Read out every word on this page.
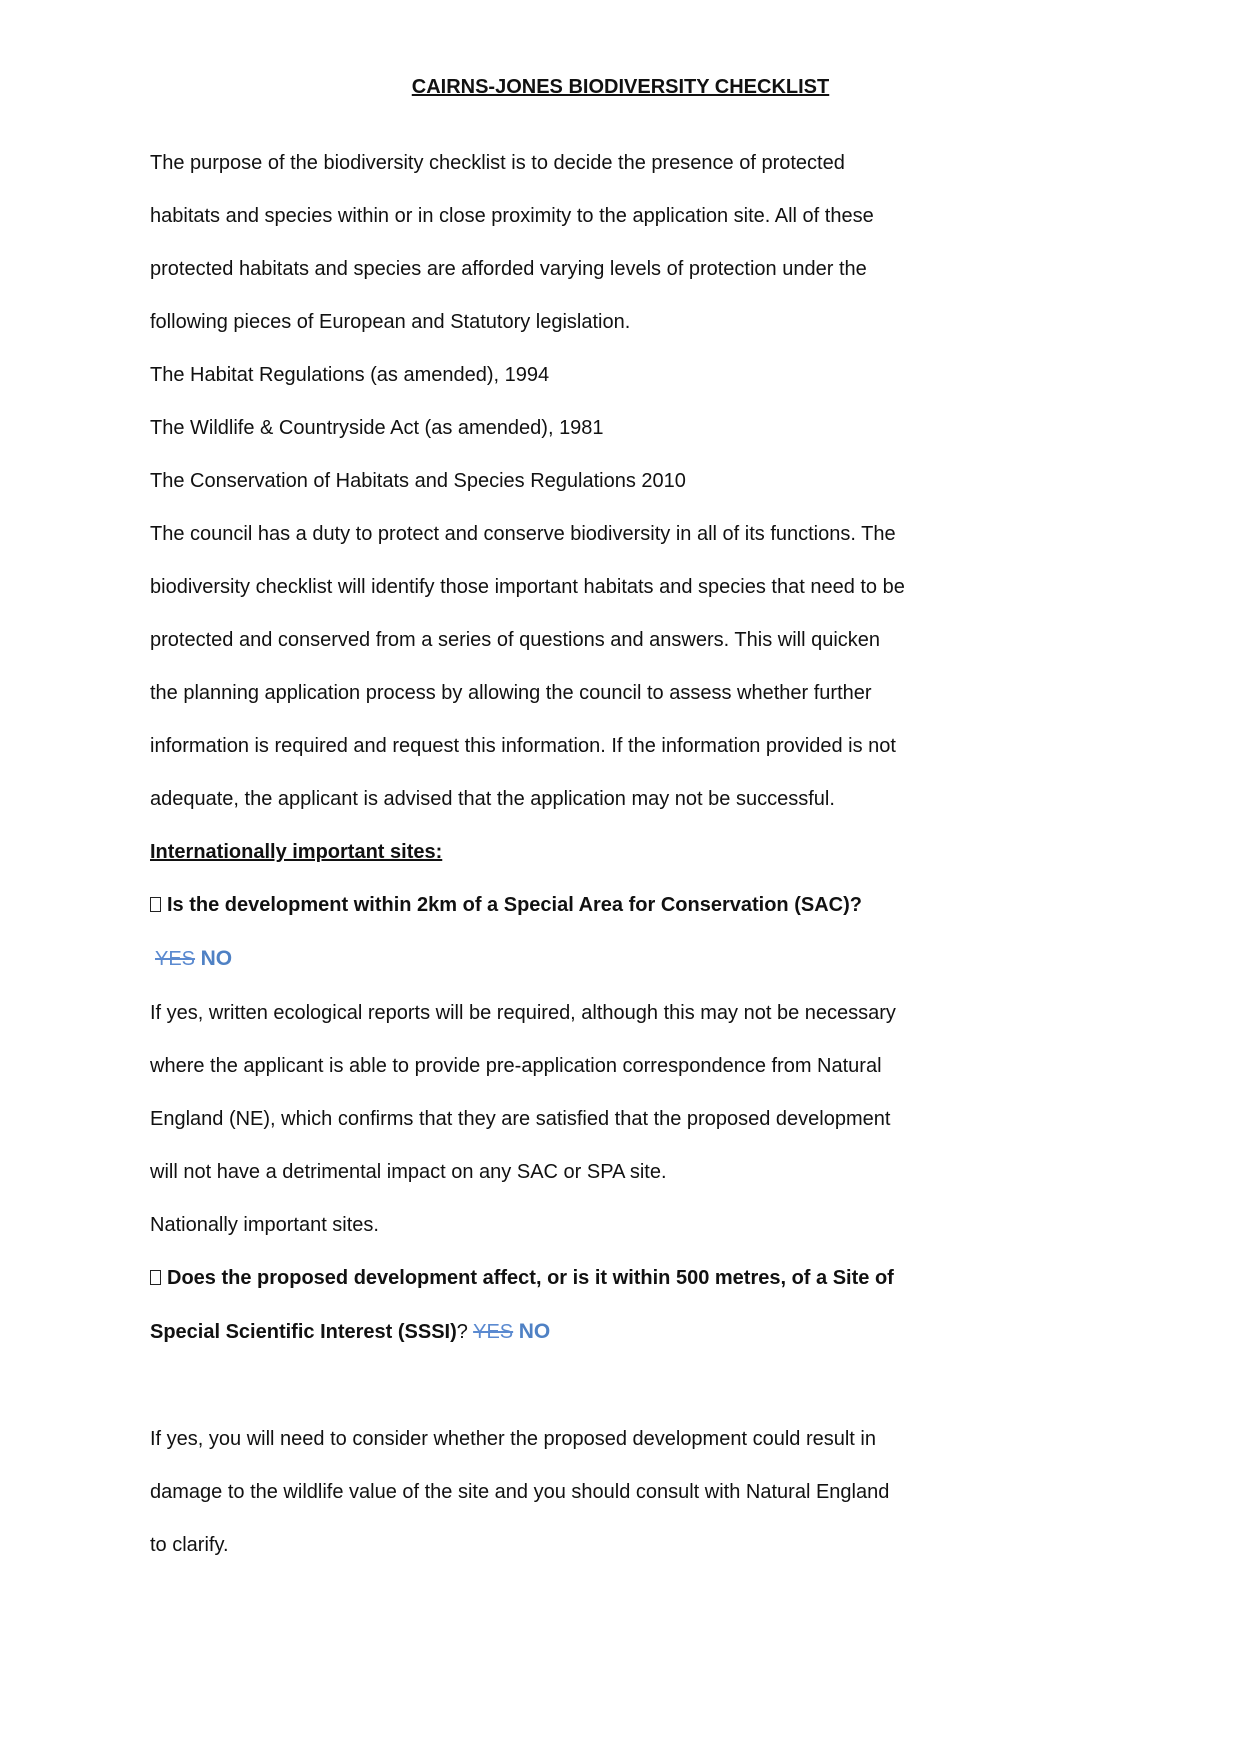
CAIRNS-JONES BIODIVERSITY CHECKLIST

The purpose of the biodiversity checklist is to decide the presence of protected

habitats and species within or in close proximity to the application site. All of these

protected habitats and species are afforded varying levels of protection under the

following pieces of European and Statutory legislation.

The Habitat Regulations (as amended), 1994

The Wildlife & Countryside Act (as amended), 1981

The Conservation of Habitats and Species Regulations 2010

The council has a duty to protect and conserve biodiversity in all of its functions. The

biodiversity checklist will identify those important habitats and species that need to be

protected and conserved from a series of questions and answers. This will quicken

the planning application process by allowing the council to assess whether further

information is required and request this information. If the information provided is not

adequate, the applicant is advised that the application may not be successful.

Internationally important sites:

Is the development within 2km of a Special Area for Conservation (SAC)?

YES NO

If yes, written ecological reports will be required, although this may not be necessary

where the applicant is able to provide pre-application correspondence from Natural

England (NE), which confirms that they are satisfied that the proposed development

will not have a detrimental impact on any SAC or SPA site.

Nationally important sites.

Does the proposed development affect, or is it within 500 metres, of a Site of

Special Scientific Interest (SSSI)? YES NO

If yes, you will need to consider whether the proposed development could result in

damage to the wildlife value of the site and you should consult with Natural England

to clarify.
